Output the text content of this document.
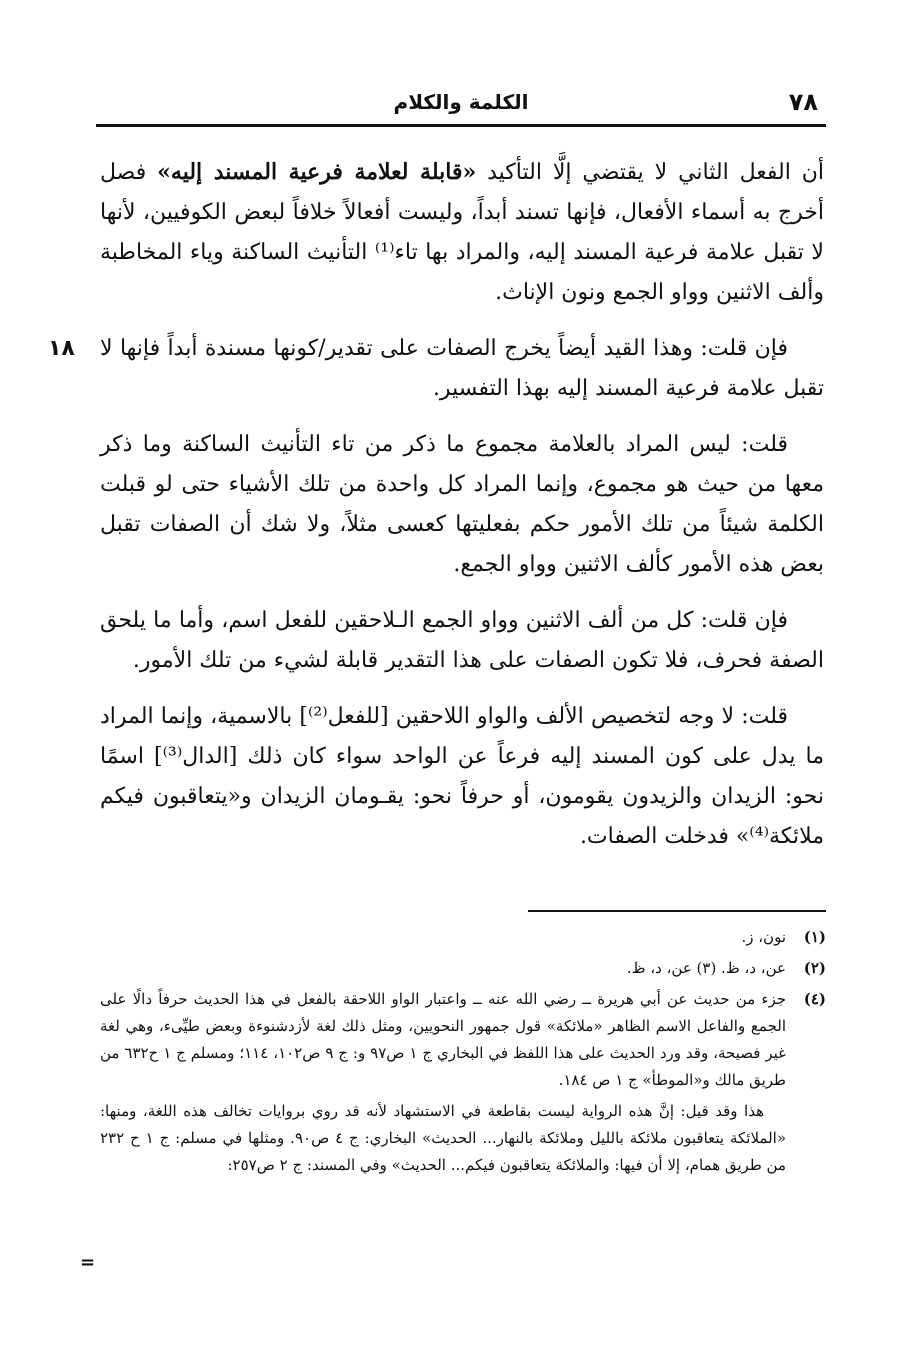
٧٨
الكلمة والكلام
١٨

أن الفعل الثاني لا يقتضي إلَّا التأكيد «قابلة لعلامة فرعية المسند إليه» فصل أخرج به أسماء الأفعال، فإنها تسند أبداً، وليست أفعالاً خلافاً لبعض الكوفيين، لأنها لا تقبل علامة فرعية المسند إليه، والمراد بها تاء⁽¹⁾ التأنيث الساكنة وياء المخاطبة وألف الاثنين وواو الجمع ونون الإناث.

فإن قلت: وهذا القيد أيضاً يخرج الصفات على تقدير/كونها مسندة أبداً فإنها لا تقبل علامة فرعية المسند إليه بهذا التفسير.

قلت: ليس المراد بالعلامة مجموع ما ذكر من تاء التأنيث الساكنة وما ذكر معها من حيث هو مجموع، وإنما المراد كل واحدة من تلك الأشياء حتى لو قبلت الكلمة شيئاً من تلك الأمور حكم بفعليتها كعسى مثلاً، ولا شك أن الصفات تقبل بعض هذه الأمور كألف الاثنين وواو الجمع.

فإن قلت: كل من ألف الاثنين وواو الجمع الـلاحقين للفعل اسم، وأما ما يلحق الصفة فحرف، فلا تكون الصفات على هذا التقدير قابلة لشيء من تلك الأمور.

قلت: لا وجه لتخصيص الألف والواو اللاحقين [للفعل⁽²⁾] بالاسمية، وإنما المراد ما يدل على كون المسند إليه فرعاً عن الواحد سواء كان ذلك [الدال⁽³⁾] اسمًا نحو: الزيدان والزيدون يقومون، أو حرفاً نحو: يقـومان الزيدان و«يتعاقبون فيكم ملائكة⁽⁴⁾» فدخلت الصفات.

(١)
نون، ز.
(٢)
عن، د، ظ. (٣) عن، د، ظ.
(٤)
جزء من حديث عن أبي هريرة ــ رضي الله عنه ــ واعتبار الواو اللاحقة بالفعل في هذا الحديث حرفاً دالًا على الجمع والفاعل الاسم الظاهر «ملائكة» قول جمهور النحويين، ومثل ذلك لغة لأزدشنوءة وبعض طيِّىء، وهي لغة غير فصيحة، وقد ورد الحديث على هذا اللفظ في البخاري ج ١ ص٩٧ و: ج ٩ ص١٠٢، ١١٤؛ ومسلم ج ١ ح٦٣٢ من طريق مالك و«الموطأ» ج ١ ص ١٨٤.
هذا وقد قيل: إنَّ هذه الرواية ليست بقاطعة في الاستشهاد لأنه قد روي بروايات تخالف هذه اللغة، ومنها: «الملائكة يتعاقبون ملائكة بالليل وملائكة بالنهار... الحديث» البخاري: ج ٤ ص٩٠. ومثلها في مسلم: ج ١ ح ٢٣٢ من طريق همام، إلا أن فيها: والملائكة يتعاقبون فيكم... الحديث» وفي المسند: ج ٢ ص٢٥٧:
=
